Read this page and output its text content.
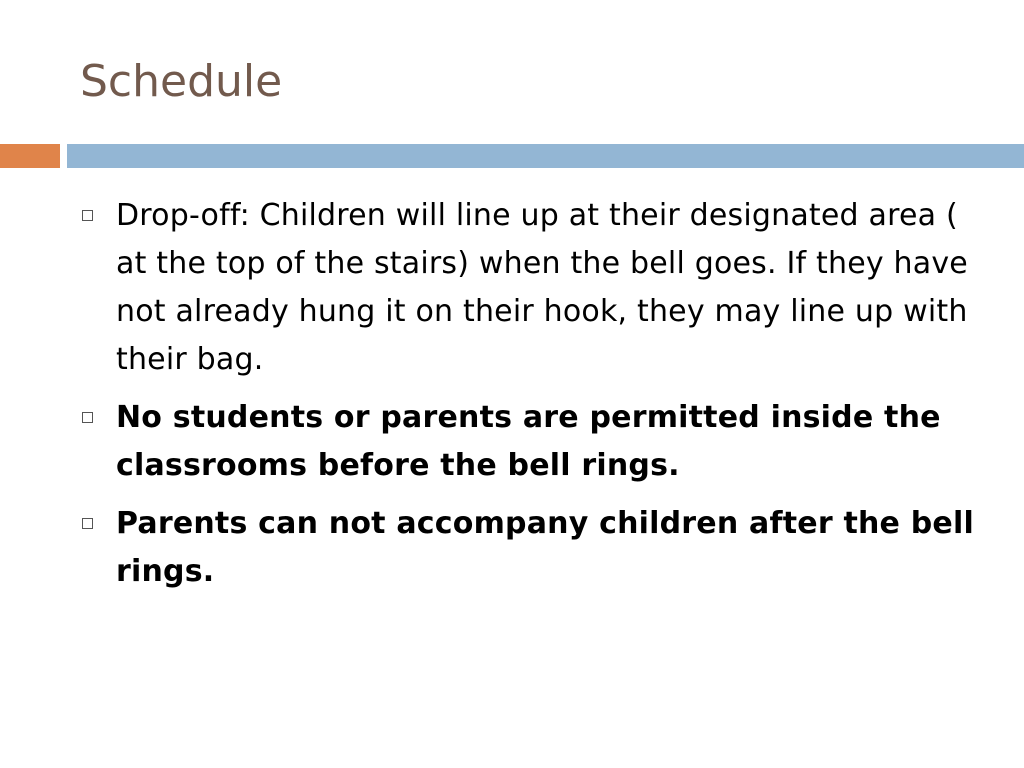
Schedule
Drop-off: Children will line up at their designated area ( at the top of the stairs) when the bell goes. If they have not already hung it on their hook, they may line up with their bag.
No students or parents are permitted inside the classrooms before the bell rings.
Parents can not accompany children after the bell rings.
